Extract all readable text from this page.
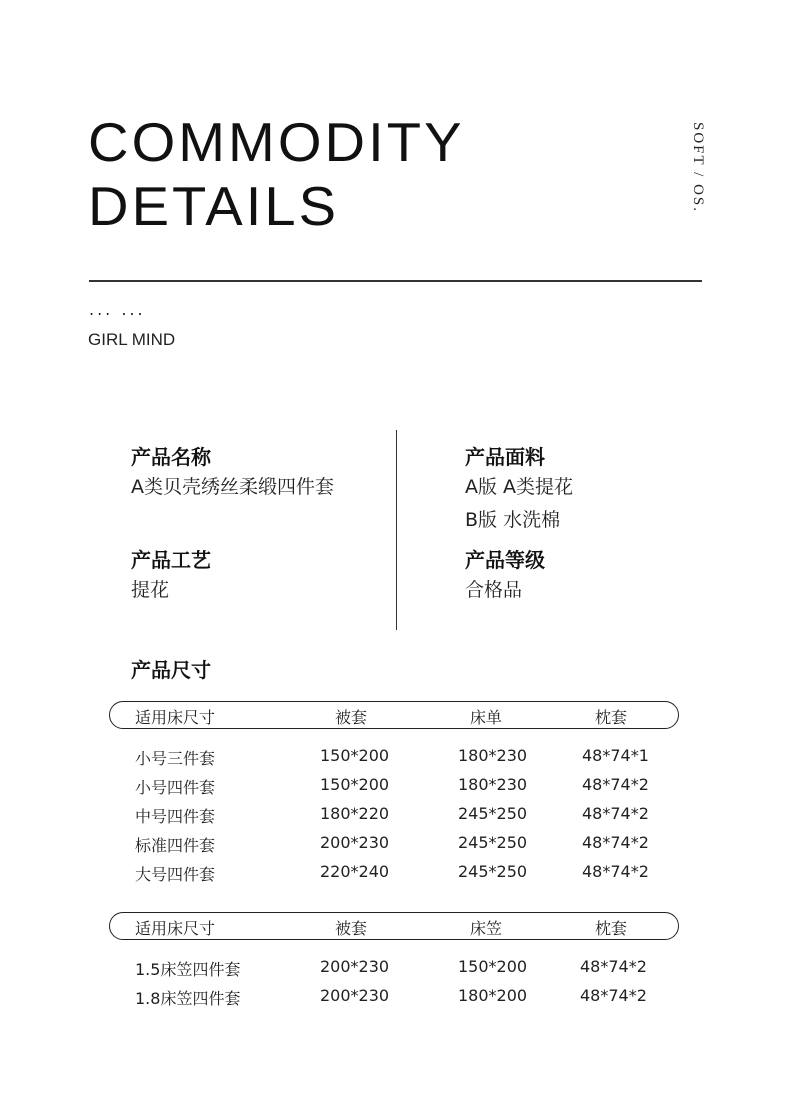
COMMODITY
DETAILS	SOFT / OS.
... ...
GIRL MIND
产品名称
A类贝壳绣丝柔缎四件套
产品面料
A版 A类提花
B版 水洗棉
产品工艺
提花
产品等级
合格品
产品尺寸
适用床尺寸	被套	床单	枕套
小号三件套	150*200	180*230	48*74*1
小号四件套	150*200	180*230	48*74*2
中号四件套	180*220	245*250	48*74*2
标准四件套	200*230	245*250	48*74*2
大号四件套	220*240	245*250	48*74*2
适用床尺寸	被套	床笠	枕套
1.5床笠四件套	200*230	150*200	48*74*2
1.8床笠四件套	200*230	180*200	48*74*2
